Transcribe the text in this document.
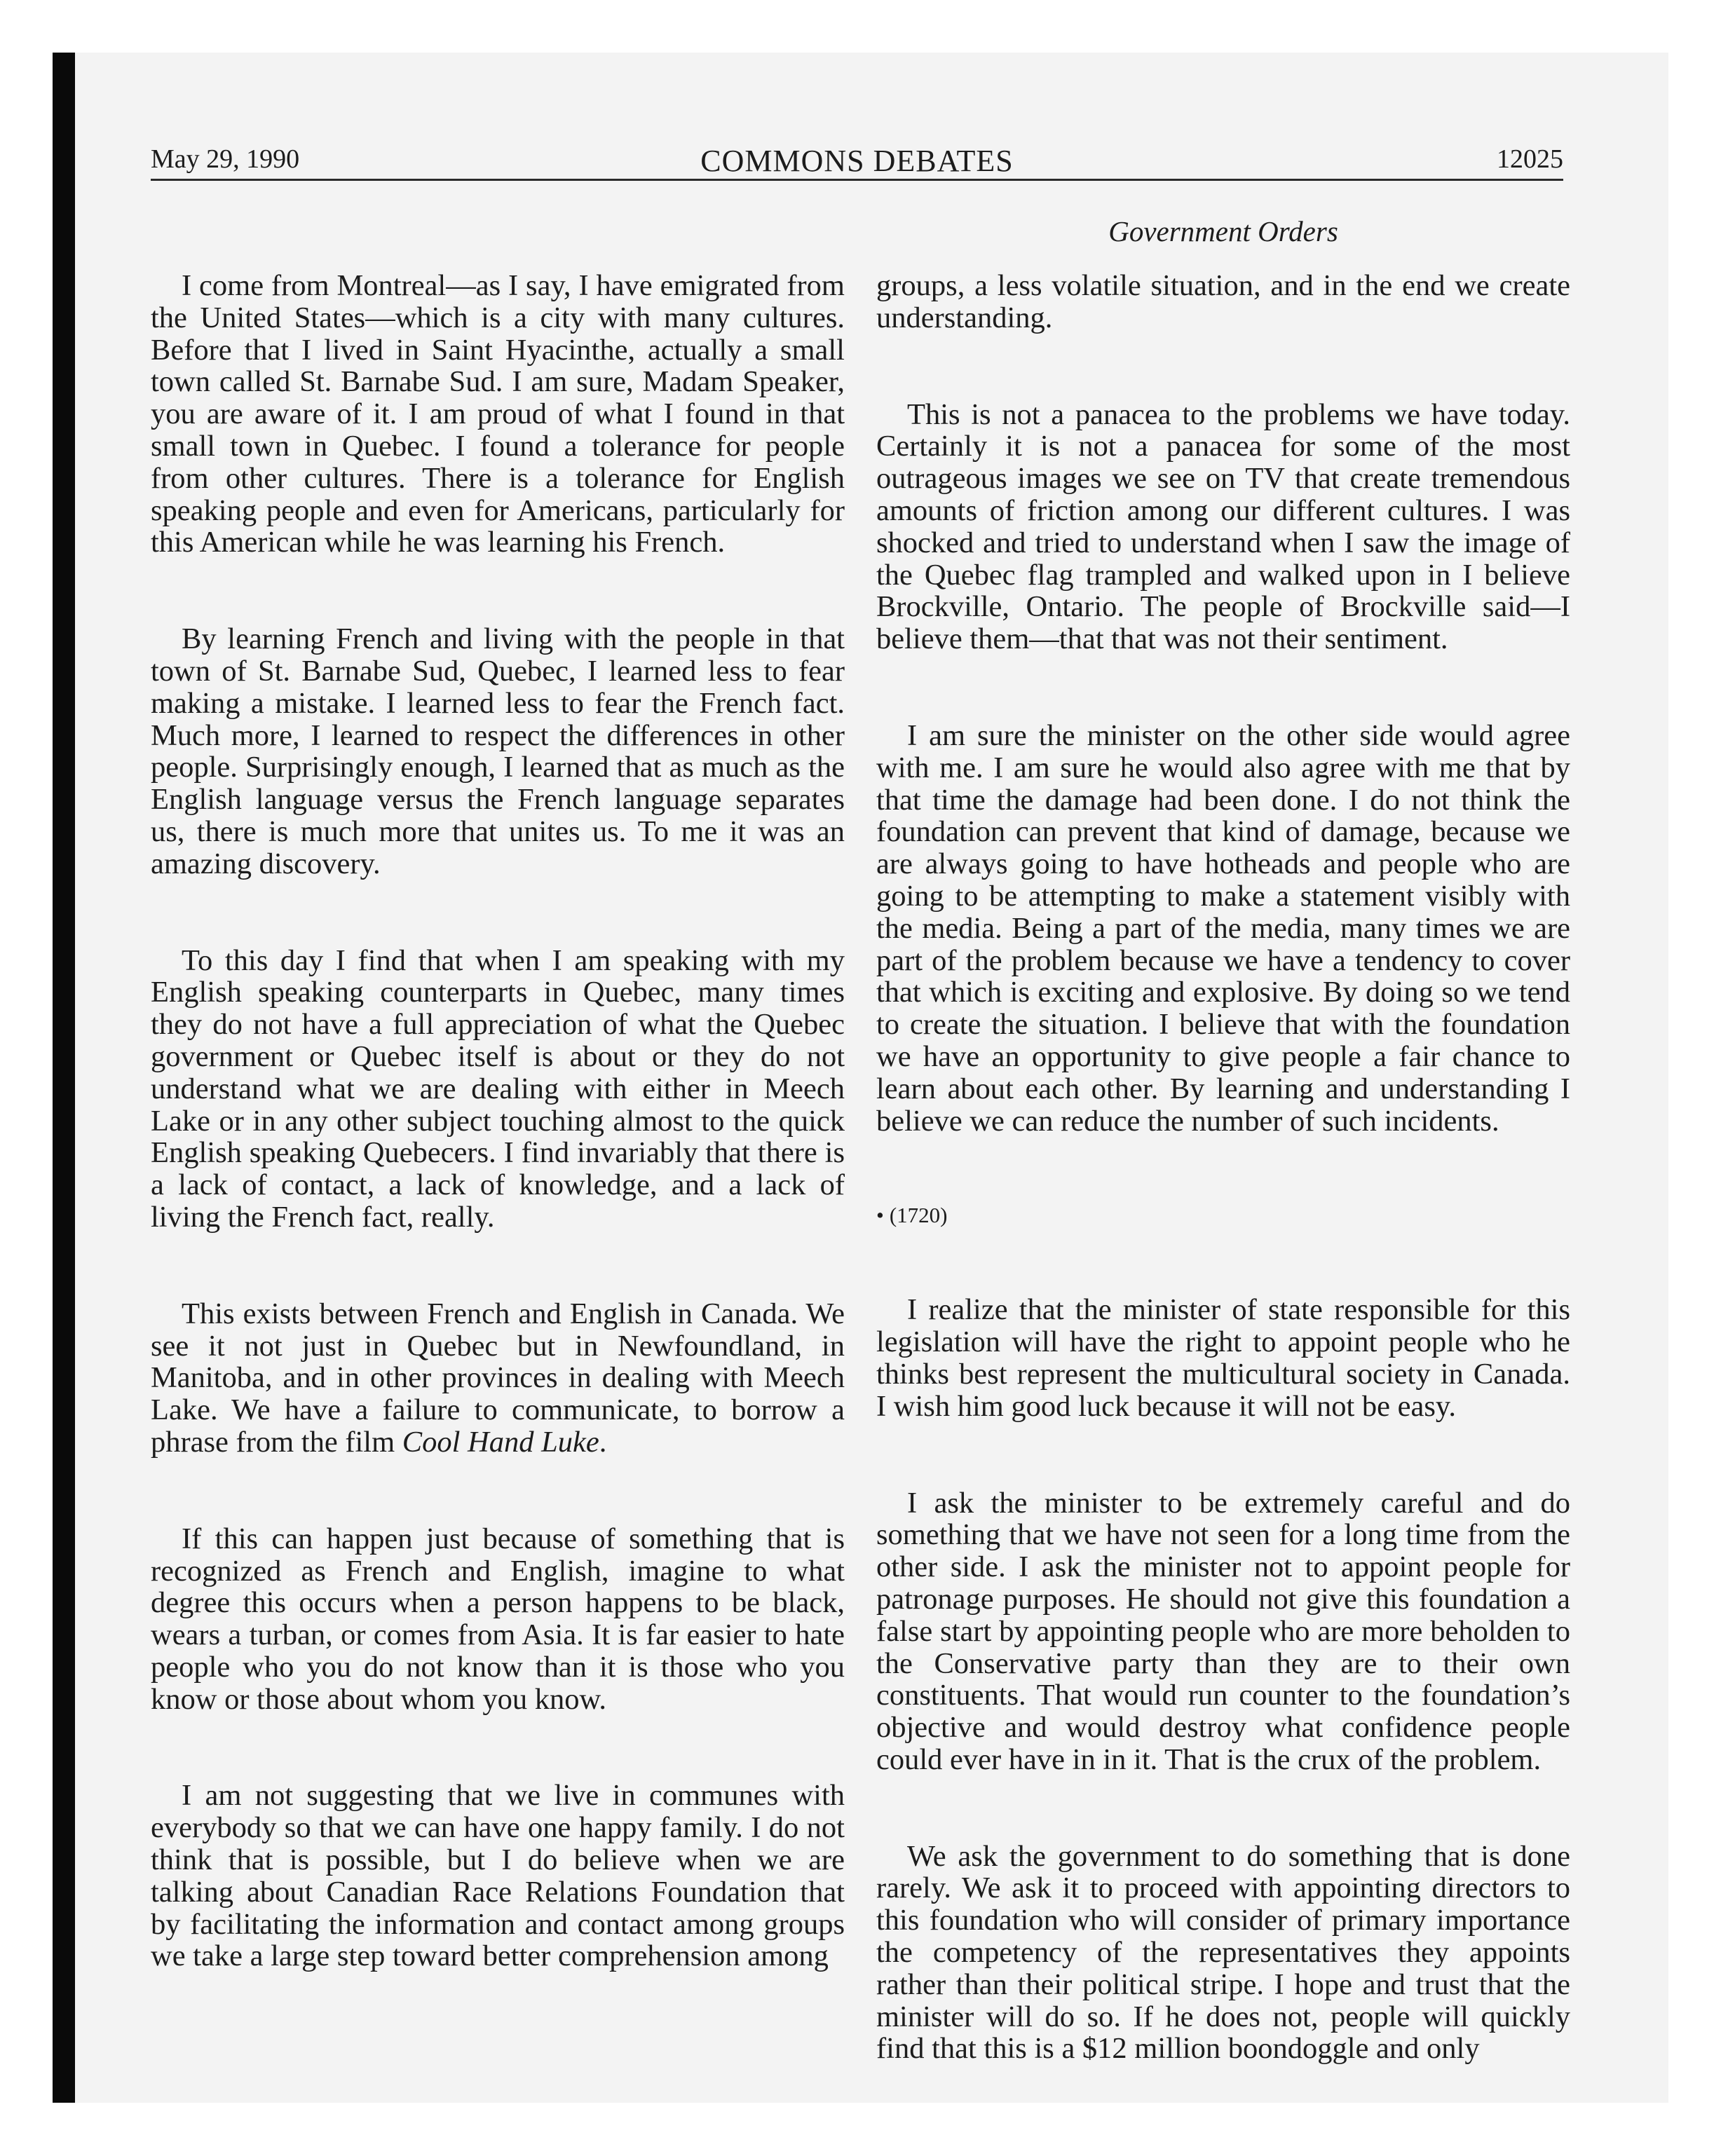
May 29, 1990	COMMONS DEBATES	12025
Government Orders

I come from Montreal—as I say, I have emigrated from the United States—which is a city with many cultures. Before that I lived in Saint Hyacinthe, actually a small town called St. Barnabe Sud. I am sure, Madam Speaker, you are aware of it. I am proud of what I found in that small town in Quebec. I found a tolerance for people from other cultures. There is a tolerance for English speaking people and even for Americans, particularly for this American while he was learning his French.

By learning French and living with the people in that town of St. Barnabe Sud, Quebec, I learned less to fear making a mistake. I learned less to fear the French fact. Much more, I learned to respect the differences in other people. Surprisingly enough, I learned that as much as the English language versus the French language separates us, there is much more that unites us. To me it was an amazing discovery.

To this day I find that when I am speaking with my English speaking counterparts in Quebec, many times they do not have a full appreciation of what the Quebec government or Quebec itself is about or they do not understand what we are dealing with either in Meech Lake or in any other subject touching almost to the quick English speaking Quebecers. I find invariably that there is a lack of contact, a lack of knowledge, and a lack of living the French fact, really.

This exists between French and English in Canada. We see it not just in Quebec but in Newfoundland, in Manitoba, and in other provinces in dealing with Meech Lake. We have a failure to communicate, to borrow a phrase from the film Cool Hand Luke.

If this can happen just because of something that is recognized as French and English, imagine to what degree this occurs when a person happens to be black, wears a turban, or comes from Asia. It is far easier to hate people who you do not know than it is those who you know or those about whom you know.

I am not suggesting that we live in communes with everybody so that we can have one happy family. I do not think that is possible, but I do believe when we are talking about Canadian Race Relations Foundation that by facilitating the information and contact among groups we take a large step toward better comprehension among

groups, a less volatile situation, and in the end we create understanding.

This is not a panacea to the problems we have today. Certainly it is not a panacea for some of the most outrageous images we see on TV that create tremendous amounts of friction among our different cultures. I was shocked and tried to understand when I saw the image of the Quebec flag trampled and walked upon in I believe Brockville, Ontario. The people of Brockville said—I believe them—that that was not their sentiment.

I am sure the minister on the other side would agree with me. I am sure he would also agree with me that by that time the damage had been done. I do not think the foundation can prevent that kind of damage, because we are always going to have hotheads and people who are going to be attempting to make a statement visibly with the media. Being a part of the media, many times we are part of the problem because we have a tendency to cover that which is exciting and explosive. By doing so we tend to create the situation. I believe that with the foundation we have an opportunity to give people a fair chance to learn about each other. By learning and understanding I believe we can reduce the number of such incidents.

• (1720)

I realize that the minister of state responsible for this legislation will have the right to appoint people who he thinks best represent the multicultural society in Canada. I wish him good luck because it will not be easy.

I ask the minister to be extremely careful and do something that we have not seen for a long time from the other side. I ask the minister not to appoint people for patronage purposes. He should not give this foundation a false start by appointing people who are more beholden to the Conservative party than they are to their own constituents. That would run counter to the foundation’s objective and would destroy what confidence people could ever have in in it. That is the crux of the problem.

We ask the government to do something that is done rarely. We ask it to proceed with appointing directors to this foundation who will consider of primary importance the competency of the representatives they appoints rather than their political stripe. I hope and trust that the minister will do so. If he does not, people will quickly find that this is a $12 million boondoggle and only
